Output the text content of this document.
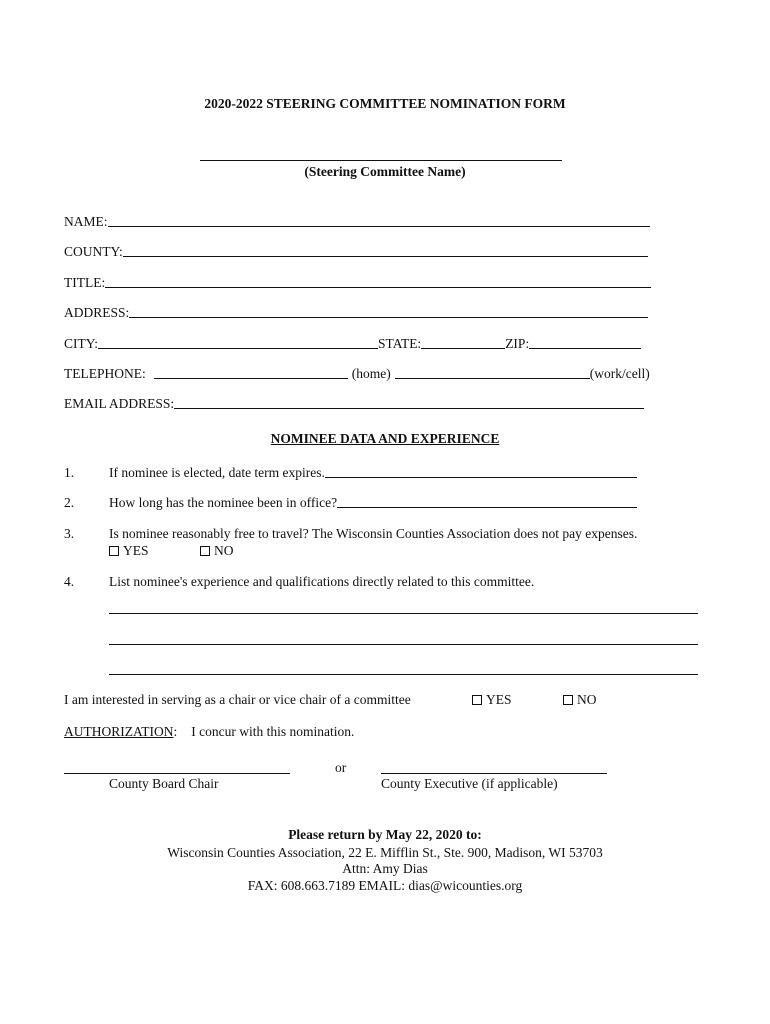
2020-2022 STEERING COMMITTEE NOMINATION FORM
(Steering Committee Name)
NAME:
COUNTY:
TITLE:
ADDRESS:
CITY:	STATE:	ZIP:
TELEPHONE:	(home)	(work/cell)
EMAIL ADDRESS:
NOMINEE DATA AND EXPERIENCE
1.	If nominee is elected, date term expires.
2.	How long has the nominee been in office?
3.	Is nominee reasonably free to travel? The Wisconsin Counties Association does not pay expenses.
YES	NO
4.	List nominee's experience and qualifications directly related to this committee.
I am interested in serving as a chair or vice chair of a committee	YES	NO
AUTHORIZATION: I concur with this nomination.
or
County Board Chair	County Executive (if applicable)
Please return by May 22, 2020 to:
Wisconsin Counties Association, 22 E. Mifflin St., Ste. 900, Madison, WI 53703
Attn: Amy Dias
FAX: 608.663.7189 EMAIL: dias@wicounties.org
